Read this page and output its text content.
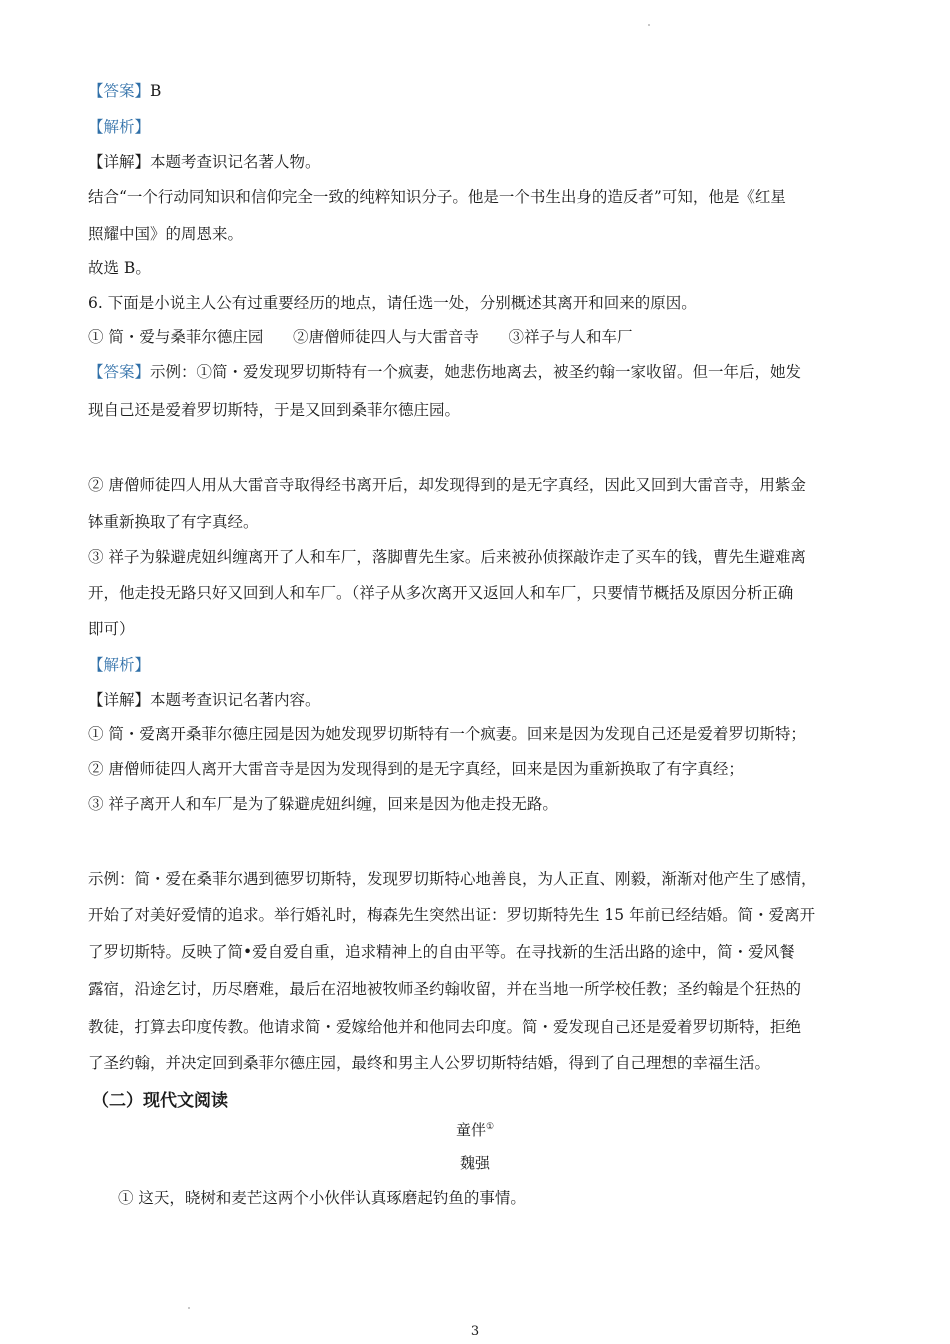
【答案】B
【解析】
【详解】本题考查识记名著人物。
结合“一个行动同知识和信仰完全一致的纯粹知识分子。他是一个书生出身的造反者”可知，他是《红星
照耀中国》的周恩来。
故选 B。
6. 下面是小说主人公有过重要经历的地点，请任选一处，分别概述其离开和回来的原因。
① 简・爱与桑菲尔德庄园      ②唐僧师徒四人与大雷音寺      ③祥子与人和车厂
【答案】示例：①简・爱发现罗切斯特有一个疯妻，她悲伤地离去，被圣约翰一家收留。但一年后，她发
现自己还是爱着罗切斯特，于是又回到桑菲尔德庄园。
② 唐僧师徒四人用从大雷音寺取得经书离开后，却发现得到的是无字真经，因此又回到大雷音寺，用紫金
钵重新换取了有字真经。
③ 祥子为躲避虎妞纠缠离开了人和车厂，落脚曹先生家。后来被孙侦探敲诈走了买车的钱，曹先生避难离
开，他走投无路只好又回到人和车厂。（祥子从多次离开又返回人和车厂，只要情节概括及原因分析正确
即可）
【解析】
【详解】本题考查识记名著内容。
① 简・爱离开桑菲尔德庄园是因为她发现罗切斯特有一个疯妻。回来是因为发现自己还是爱着罗切斯特；
② 唐僧师徒四人离开大雷音寺是因为发现得到的是无字真经，回来是因为重新换取了有字真经；
③ 祥子离开人和车厂是为了躲避虎妞纠缠，回来是因为他走投无路。
示例：简・爱在桑菲尔遇到德罗切斯特，发现罗切斯特心地善良，为人正直、刚毅，渐渐对他产生了感情，
开始了对美好爱情的追求。举行婚礼时，梅森先生突然出证：罗切斯特先生 15 年前已经结婚。简・爱离开
了罗切斯特。反映了简•爱自爱自重，追求精神上的自由平等。在寻找新的生活出路的途中，简・爱风餐
露宿，沿途乞讨，历尽磨难，最后在沼地被牧师圣约翰收留，并在当地一所学校任教；圣约翰是个狂热的
教徒，打算去印度传教。他请求简・爱嫁给他并和他同去印度。简・爱发现自己还是爱着罗切斯特，拒绝
了圣约翰，并决定回到桑菲尔德庄园，最终和男主人公罗切斯特结婚，得到了自己理想的幸福生活。
（二）现代文阅读
童伴①
魏强
① 这天，晓树和麦芒这两个小伙伴认真琢磨起钓鱼的事情。
3
